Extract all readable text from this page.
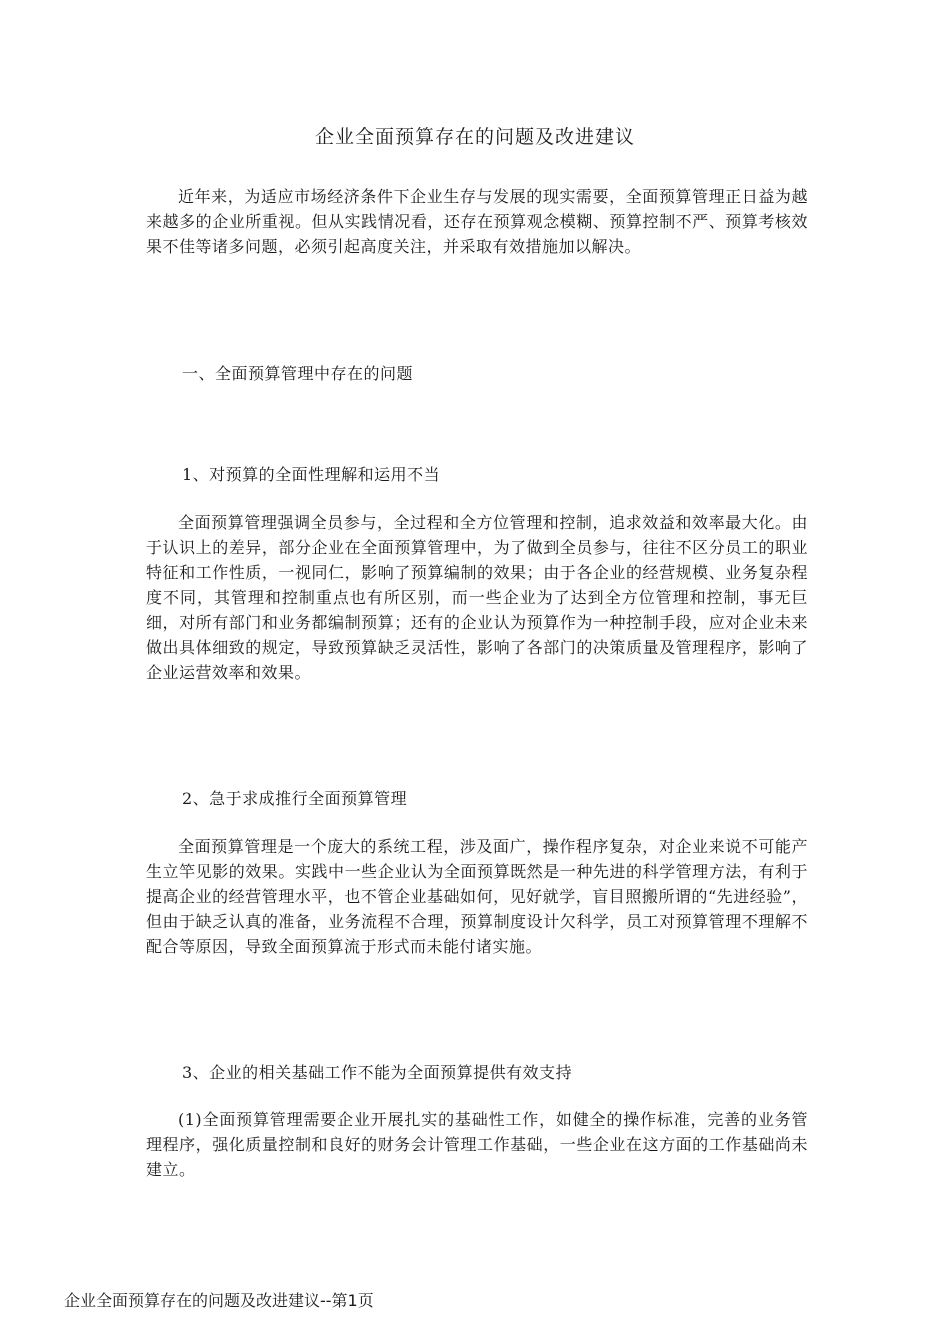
企业全面预算存在的问题及改进建议

近年来，为适应市场经济条件下企业生存与发展的现实需要，全面预算管理正日益为越来越多的企业所重视。但从实践情况看，还存在预算观念模糊、预算控制不严、预算考核效果不佳等诸多问题，必须引起高度关注，并采取有效措施加以解决。

一、全面预算管理中存在的问题
1、对预算的全面性理解和运用不当

全面预算管理强调全员参与，全过程和全方位管理和控制，追求效益和效率最大化。由于认识上的差异，部分企业在全面预算管理中，为了做到全员参与，往往不区分员工的职业特征和工作性质，一视同仁，影响了预算编制的效果；由于各企业的经营规模、业务复杂程度不同，其管理和控制重点也有所区别，而一些企业为了达到全方位管理和控制，事无巨细，对所有部门和业务都编制预算；还有的企业认为预算作为一种控制手段，应对企业未来做出具体细致的规定，导致预算缺乏灵活性，影响了各部门的决策质量及管理程序，影响了企业运营效率和效果。

2、急于求成推行全面预算管理

全面预算管理是一个庞大的系统工程，涉及面广，操作程序复杂，对企业来说不可能产生立竿见影的效果。实践中一些企业认为全面预算既然是一种先进的科学管理方法，有利于提高企业的经营管理水平，也不管企业基础如何，见好就学，盲目照搬所谓的“先进经验”，但由于缺乏认真的准备，业务流程不合理，预算制度设计欠科学，员工对预算管理不理解不配合等原因，导致全面预算流于形式而未能付诸实施。

3、企业的相关基础工作不能为全面预算提供有效支持

(1)全面预算管理需要企业开展扎实的基础性工作，如健全的操作标准，完善的业务管理程序，强化质量控制和良好的财务会计管理工作基础，一些企业在这方面的工作基础尚未建立。

企业全面预算存在的问题及改进建议--第1页
